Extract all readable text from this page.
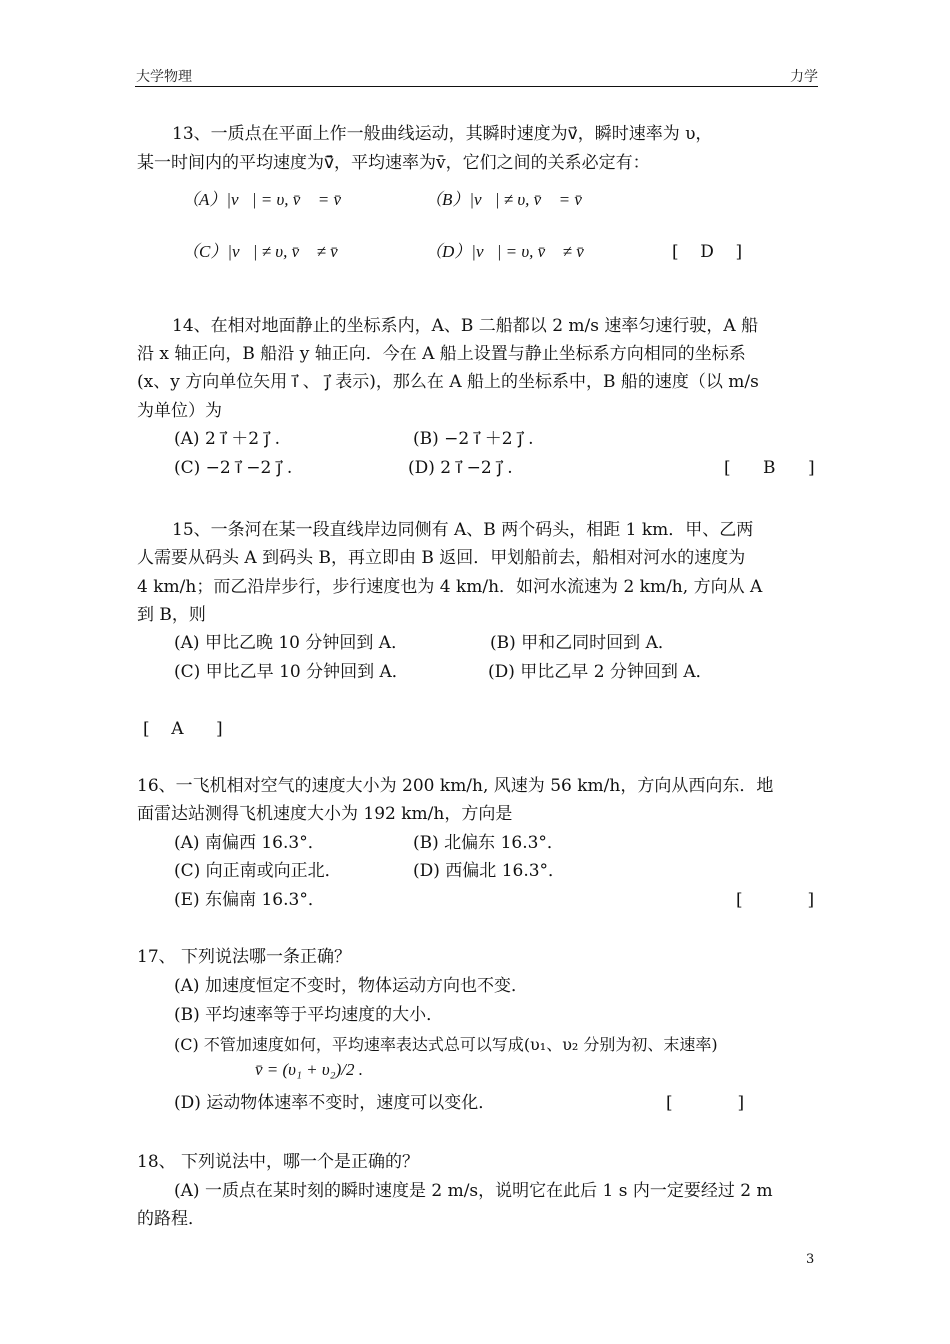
大学物理	力学
13、一质点在平面上作一般曲线运动，其瞬时速度为v⃗，瞬时速率为 υ，
某一时间内的平均速度为v̄⃗，平均速率为v̄，它们之间的关系必定有：
（A）|v⃗| = υ, v̄⃗ = v̄	（B）|v⃗| ≠ υ, v̄⃗ = v̄
（C）|v⃗| ≠ υ, v̄⃗ ≠ v̄	（D）|v⃗| = υ, v̄⃗ ≠ v̄	[    D    ]
14、在相对地面静止的坐标系内，A、B 二船都以 2 m/s 速率匀速行驶，A 船
沿 x 轴正向，B 船沿 y 轴正向．今在 A 船上设置与静止坐标系方向相同的坐标系
(x、y 方向单位矢用 i⃗ 、 j⃗ 表示)，那么在 A 船上的坐标系中，B 船的速度（以 m/s
为单位）为
(A) 2 i⃗ ＋2 j⃗ .	(B) −2 i⃗ ＋2 j⃗ .
(C) −2 i⃗ −2 j⃗ .	(D) 2 i⃗ −2 j⃗ .	[      B      ]
15、一条河在某一段直线岸边同侧有 A、B 两个码头，相距 1 km．甲、乙两
人需要从码头 A 到码头 B，再立即由 B 返回．甲划船前去，船相对河水的速度为
4 km/h；而乙沿岸步行，步行速度也为 4 km/h．如河水流速为 2 km/h, 方向从 A
到 B，则
(A) 甲比乙晚 10 分钟回到 A．	(B) 甲和乙同时回到 A．
(C) 甲比乙早 10 分钟回到 A．	(D) 甲比乙早 2 分钟回到 A．
[    A      ]
16、一飞机相对空气的速度大小为 200 km/h, 风速为 56 km/h，方向从西向东．地
面雷达站测得飞机速度大小为 192 km/h，方向是
(A) 南偏西 16.3°．	(B) 北偏东 16.3°．
(C) 向正南或向正北．	(D) 西偏北 16.3°．
(E) 东偏南 16.3°．	[            ]
17、 下列说法哪一条正确？
(A) 加速度恒定不变时，物体运动方向也不变．
(B) 平均速率等于平均速度的大小．
(C) 不管加速度如何，平均速率表达式总可以写成(υ₁、υ₂ 分别为初、末速率)
v̄ = (υ₁ + υ₂)/2 .
(D) 运动物体速率不变时，速度可以变化．	[            ]
18、 下列说法中，哪一个是正确的？
(A) 一质点在某时刻的瞬时速度是 2 m/s，说明它在此后 1 s 内一定要经过 2 m
的路程．
3
